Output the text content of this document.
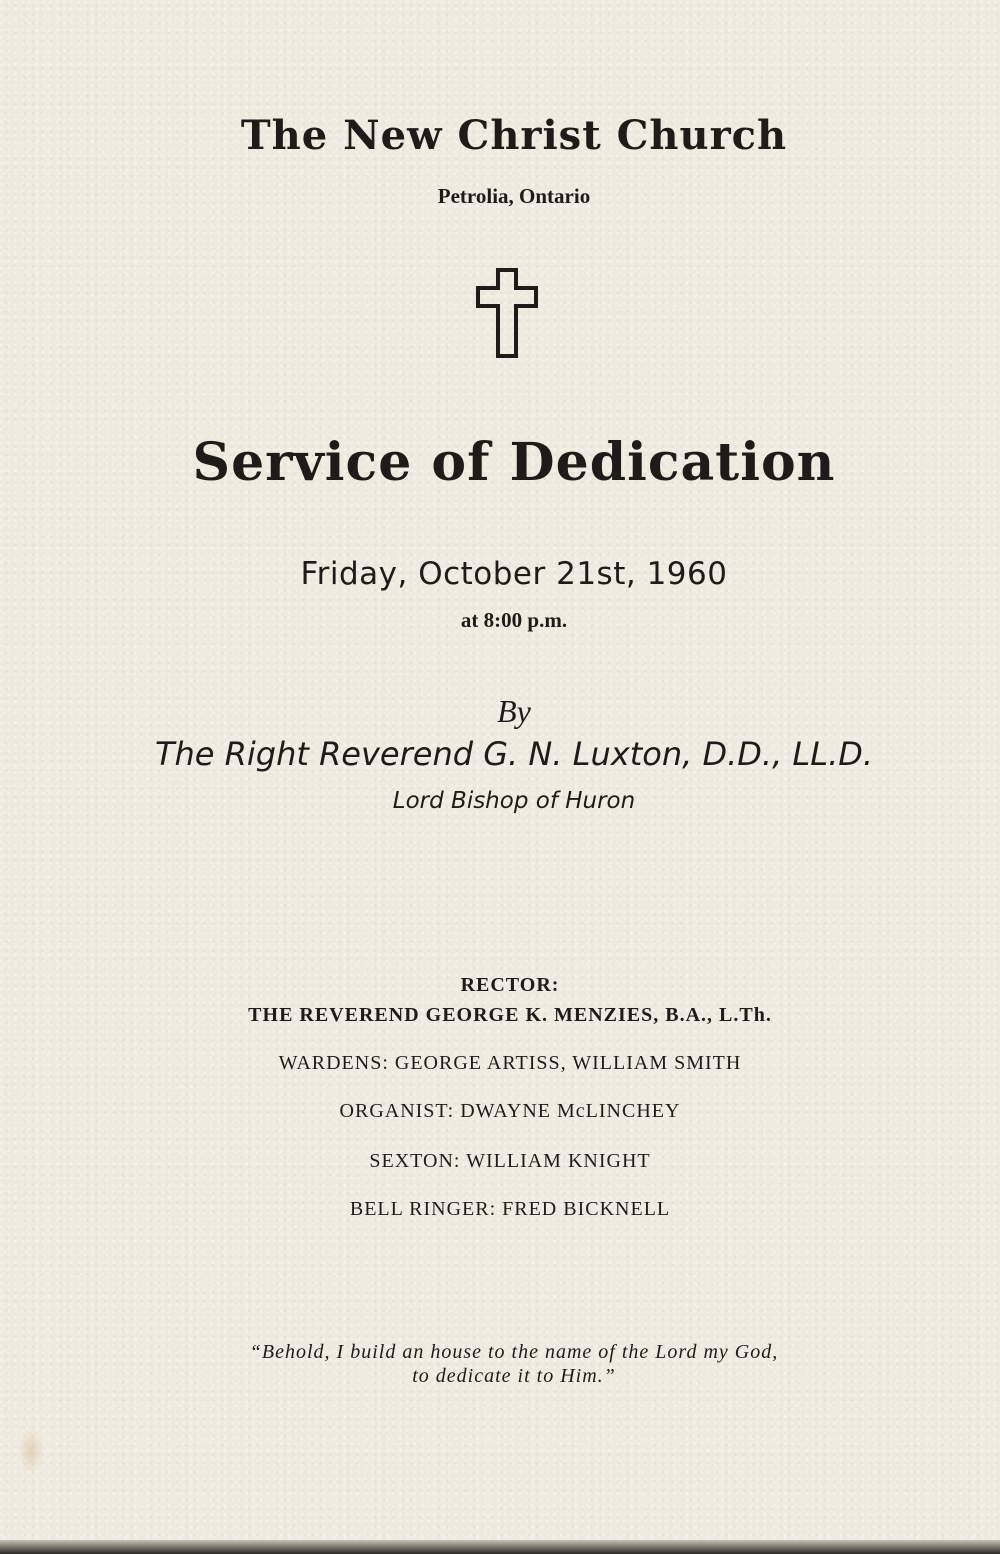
The New Christ Church
Petrolia, Ontario
Service of Dedication
Friday, October 21st, 1960
at 8:00 p.m.
By
The Right Reverend G. N. Luxton, D.D., LL.D.
Lord Bishop of Huron
RECTOR:
THE REVEREND GEORGE K. MENZIES, B.A., L.Th.
WARDENS: GEORGE ARTISS, WILLIAM SMITH
ORGANIST: DWAYNE McLINCHEY
SEXTON: WILLIAM KNIGHT
BELL RINGER: FRED BICKNELL
“Behold, I build an house to the name of the Lord my God,
to dedicate it to Him.”
